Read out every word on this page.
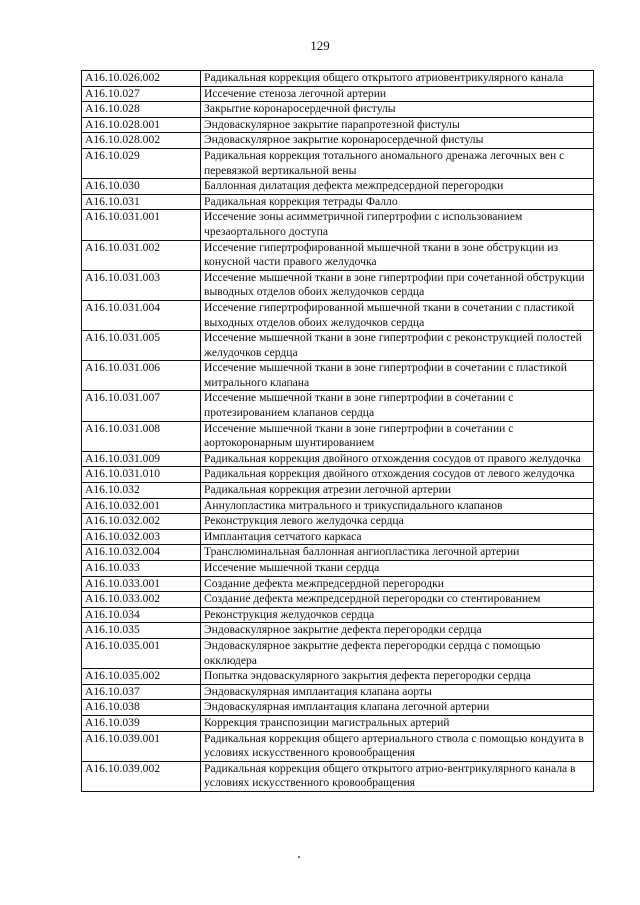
129
A16.10.026.002	Радикальная коррекция общего открытого атриовентрикулярного канала
A16.10.027	Иссечение стеноза легочной артерии
A16.10.028	Закрытие коронаросердечной фистулы
A16.10.028.001	Эндоваскулярное закрытие парапротезной фистулы
A16.10.028.002	Эндоваскулярное закрытие коронаросердечной фистулы
A16.10.029	Радикальная коррекция тотального аномального дренажа легочных вен с перевязкой вертикальной вены
A16.10.030	Баллонная дилатация дефекта межпредсердной перегородки
A16.10.031	Радикальная коррекция тетрады Фалло
A16.10.031.001	Иссечение зоны асимметричной гипертрофии с использованием чрезаортального доступа
A16.10.031.002	Иссечение гипертрофированной мышечной ткани в зоне обструкции из конусной части правого желудочка
A16.10.031.003	Иссечение мышечной ткани в зоне гипертрофии при сочетанной обструкции выводных отделов обоих желудочков сердца
A16.10.031.004	Иссечение гипертрофированной мышечной ткани в сочетании с пластикой выходных отделов обоих желудочков сердца
A16.10.031.005	Иссечение мышечной ткани в зоне гипертрофии с реконструкцией полостей желудочков сердца
A16.10.031.006	Иссечение мышечной ткани в зоне гипертрофии в сочетании с пластикой митрального клапана
A16.10.031.007	Иссечение мышечной ткани в зоне гипертрофии в сочетании с протезированием клапанов сердца
A16.10.031.008	Иссечение мышечной ткани в зоне гипертрофии в сочетании с аортокоронарным шунтированием
A16.10.031.009	Радикальная коррекция двойного отхождения сосудов от правого желудочка
A16.10.031.010	Радикальная коррекция двойного отхождения сосудов от левого желудочка
A16.10.032	Радикальная коррекция атрезии легочной артерии
A16.10.032.001	Аннулопластика митрального и трикуспидального клапанов
A16.10.032.002	Реконструкция левого желудочка сердца
A16.10.032.003	Имплантация сетчатого каркаса
A16.10.032.004	Транслюминальная баллонная ангиопластика легочной артерии
A16.10.033	Иссечение мышечной ткани сердца
A16.10.033.001	Создание дефекта межпредсердной перегородки
A16.10.033.002	Создание дефекта межпредсердной перегородки со стентированием
A16.10.034	Реконструкция желудочков сердца
A16.10.035	Эндоваскулярное закрытие дефекта перегородки сердца
A16.10.035.001	Эндоваскулярное закрытие дефекта перегородки сердца с помощью окклюдера
A16.10.035.002	Попытка эндоваскулярного закрытия дефекта перегородки сердца
A16.10.037	Эндоваскулярная имплантация клапана аорты
A16.10.038	Эндоваскулярная имплантация клапана легочной артерии
A16.10.039	Коррекция транспозиции магистральных артерий
A16.10.039.001	Радикальная коррекция общего артериального ствола с помощью кондуита в условиях искусственного кровообращения
A16.10.039.002	Радикальная коррекция общего открытого атрио-вентрикулярного канала в условиях искусственного кровообращения
